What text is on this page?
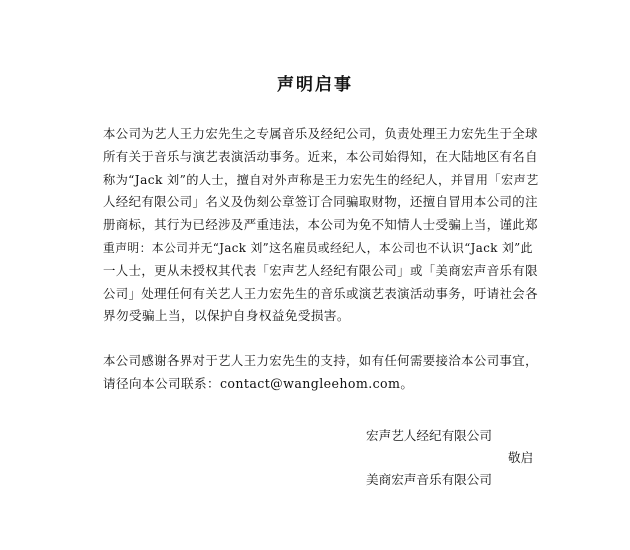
声明启事
本公司为艺人王力宏先生之专属音乐及经纪公司，负责处理王力宏先生于全球
所有关于音乐与演艺表演活动事务。近来，本公司始得知，在大陆地区有名自
称为“Jack 刘”的人士，擅自对外声称是王力宏先生的经纪人，并冒用「宏声艺
人经纪有限公司」名义及伪刻公章签订合同骗取财物，还擅自冒用本公司的注
册商标，其行为已经涉及严重违法，本公司为免不知情人士受骗上当，谨此郑
重声明：本公司并无“Jack 刘”这名雇员或经纪人，本公司也不认识“Jack 刘”此
一人士，更从未授权其代表「宏声艺人经纪有限公司」或「美商宏声音乐有限
公司」处理任何有关艺人王力宏先生的音乐或演艺表演活动事务，吁请社会各
界勿受骗上当，以保护自身权益免受损害。
本公司感谢各界对于艺人王力宏先生的支持，如有任何需要接洽本公司事宜，
请径向本公司联系：contact@wangleehom.com。
宏声艺人经纪有限公司
敬启
美商宏声音乐有限公司
